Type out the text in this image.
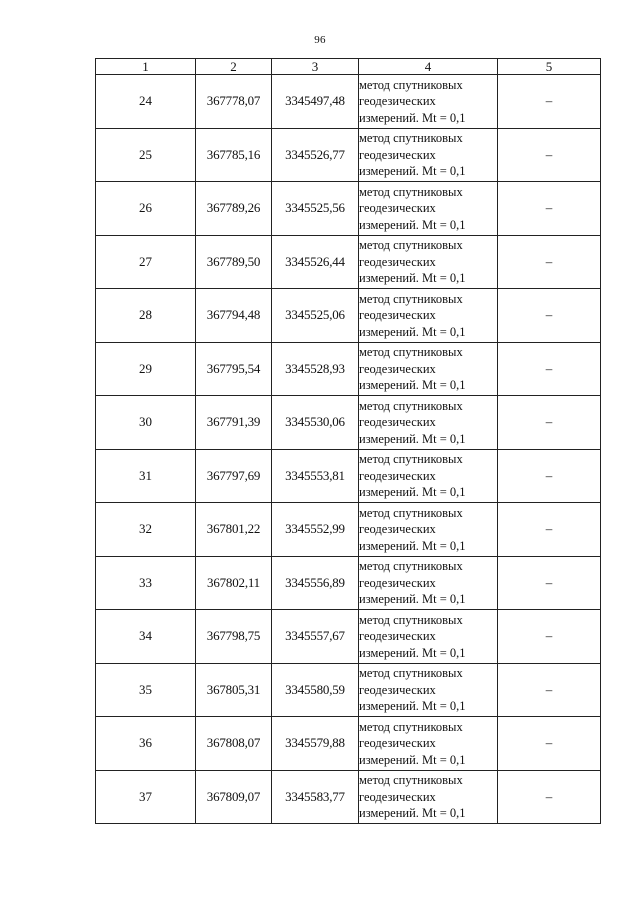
96
1	2	3	4	5
24	367778,07	3345497,48	метод спутниковых
геодезических
измерений. Mt = 0,1	–
25	367785,16	3345526,77	метод спутниковых
геодезических
измерений. Mt = 0,1	–
26	367789,26	3345525,56	метод спутниковых
геодезических
измерений. Mt = 0,1	–
27	367789,50	3345526,44	метод спутниковых
геодезических
измерений. Mt = 0,1	–
28	367794,48	3345525,06	метод спутниковых
геодезических
измерений. Mt = 0,1	–
29	367795,54	3345528,93	метод спутниковых
геодезических
измерений. Mt = 0,1	–
30	367791,39	3345530,06	метод спутниковых
геодезических
измерений. Mt = 0,1	–
31	367797,69	3345553,81	метод спутниковых
геодезических
измерений. Mt = 0,1	–
32	367801,22	3345552,99	метод спутниковых
геодезических
измерений. Mt = 0,1	–
33	367802,11	3345556,89	метод спутниковых
геодезических
измерений. Mt = 0,1	–
34	367798,75	3345557,67	метод спутниковых
геодезических
измерений. Mt = 0,1	–
35	367805,31	3345580,59	метод спутниковых
геодезических
измерений. Mt = 0,1	–
36	367808,07	3345579,88	метод спутниковых
геодезических
измерений. Mt = 0,1	–
37	367809,07	3345583,77	метод спутниковых
геодезических
измерений. Mt = 0,1	–
